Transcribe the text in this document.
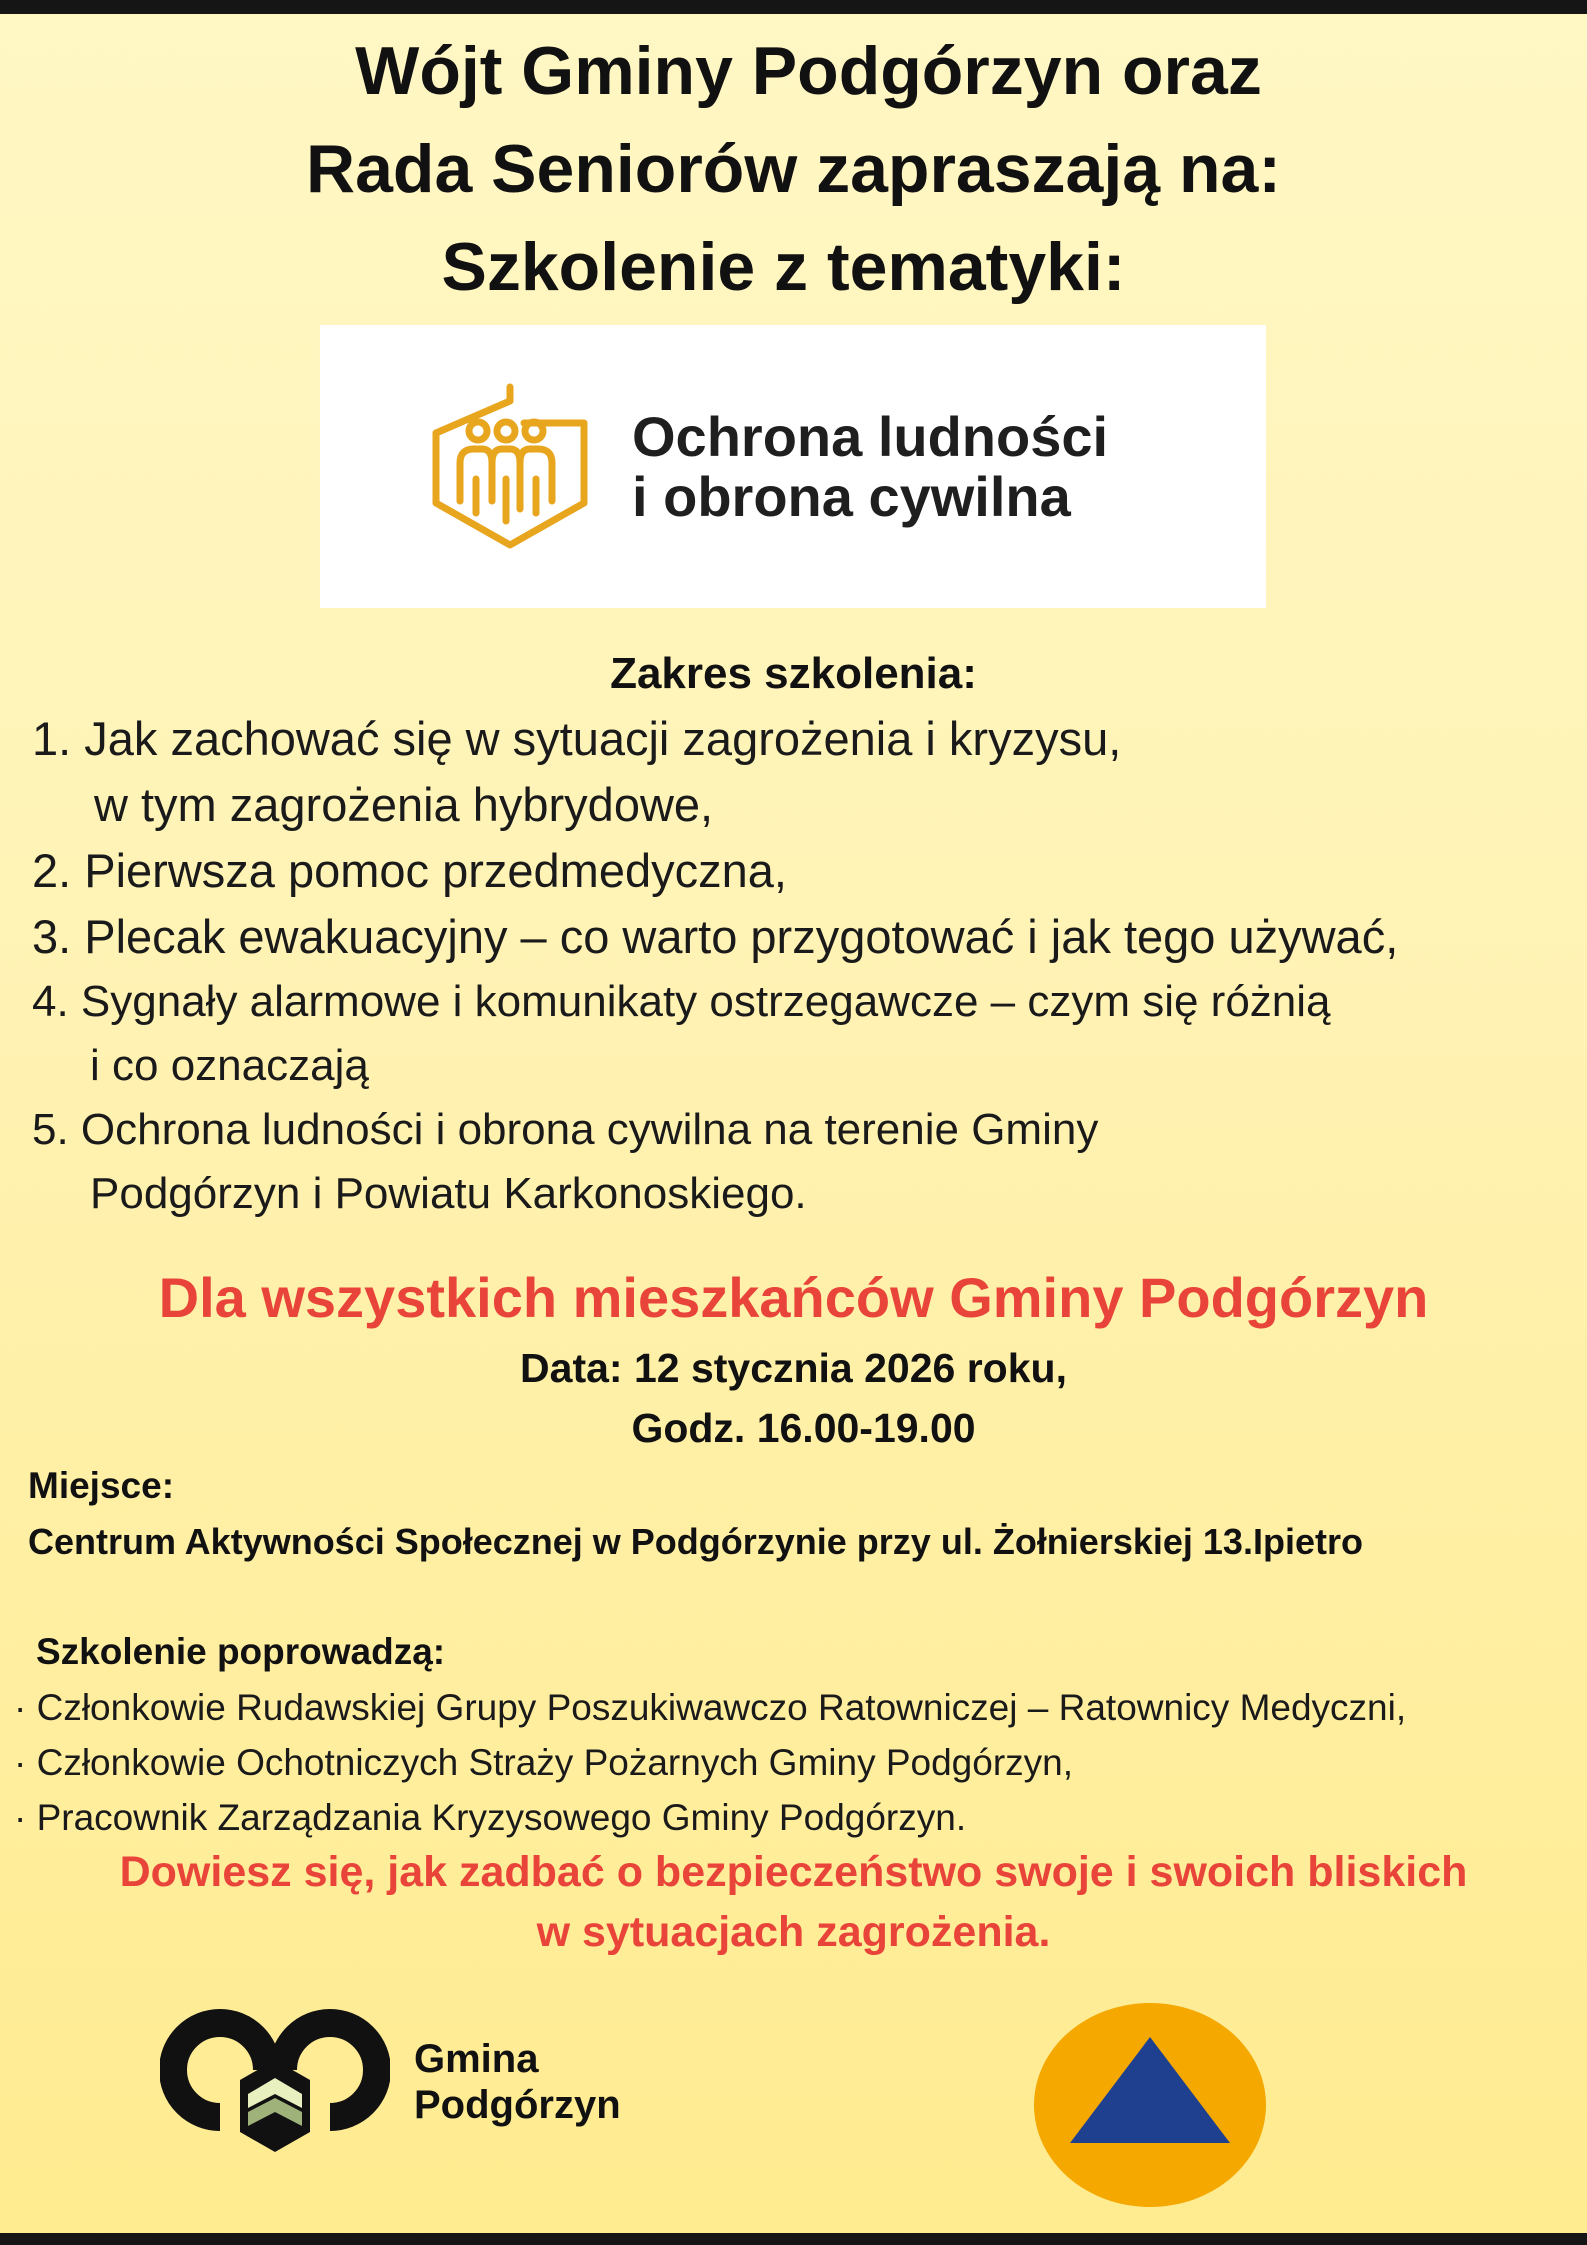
Wójt Gminy Podgórzyn oraz
Rada Seniorów zapraszają na:
Szkolenie z tematyki:
Ochrona ludności
i obrona cywilna
Zakres szkolenia:
1. Jak zachować się w sytuacji zagrożenia i kryzysu,
w tym zagrożenia hybrydowe,
2. Pierwsza pomoc przedmedyczna,
3. Plecak ewakuacyjny – co warto przygotować i jak tego używać,
4. Sygnały alarmowe i komunikaty ostrzegawcze – czym się różnią
i co oznaczają
5. Ochrona ludności i obrona cywilna na terenie Gminy
Podgórzyn i Powiatu Karkonoskiego.
Dla wszystkich mieszkańców Gminy Podgórzyn
Data: 12 stycznia 2026 roku,
Godz. 16.00-19.00
Miejsce:
Centrum Aktywności Społecznej w Podgórzynie przy ul. Żołnierskiej 13.Ipietro
Szkolenie poprowadzą:
· Członkowie Rudawskiej Grupy Poszukiwawczo Ratowniczej – Ratownicy Medyczni,
· Członkowie Ochotniczych Straży Pożarnych Gminy Podgórzyn,
· Pracownik Zarządzania Kryzysowego Gminy Podgórzyn.
Dowiesz się, jak zadbać o bezpieczeństwo swoje i swoich bliskich
w sytuacjach zagrożenia.
Gmina
Podgórzyn
